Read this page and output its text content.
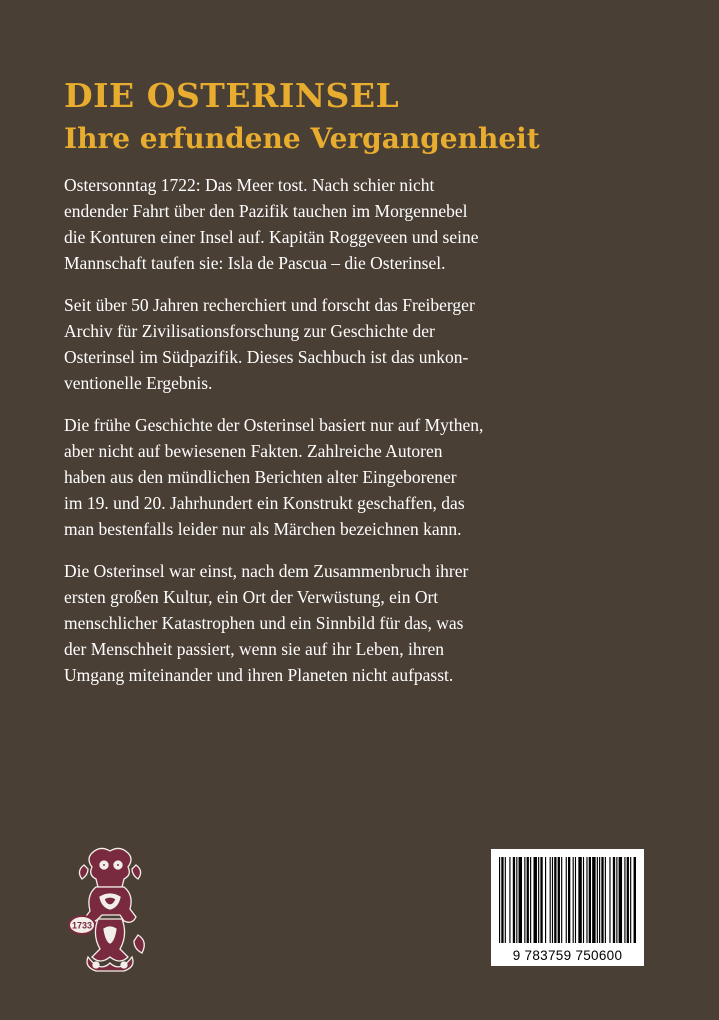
DIE OSTERINSEL
Ihre erfundene Vergangenheit

Ostersonntag 1722: Das Meer tost. Nach schier nicht
endender Fahrt über den Pazifik tauchen im Morgennebel
die Konturen einer Insel auf. Kapitän Roggeveen und seine
Mannschaft taufen sie: Isla de Pascua – die Osterinsel.

Seit über 50 Jahren recherchiert und forscht das Freiberger
Archiv für Zivilisationsforschung zur Geschichte der
Osterinsel im Südpazifik. Dieses Sachbuch ist das unkon-
ventionelle Ergebnis.

Die frühe Geschichte der Osterinsel basiert nur auf Mythen,
aber nicht auf bewiesenen Fakten. Zahlreiche Autoren
haben aus den mündlichen Berichten alter Eingeborener
im 19. und 20. Jahrhundert ein Konstrukt geschaffen, das
man bestenfalls leider nur als Märchen bezeichnen kann.

Die Osterinsel war einst, nach dem Zusammenbruch ihrer
ersten großen Kultur, ein Ort der Verwüstung, ein Ort
menschlicher Katastrophen und ein Sinnbild für das, was
der Menschheit passiert, wenn sie auf ihr Leben, ihren
Umgang miteinander und ihren Planeten nicht aufpasst.

1733
9 783759 750600
